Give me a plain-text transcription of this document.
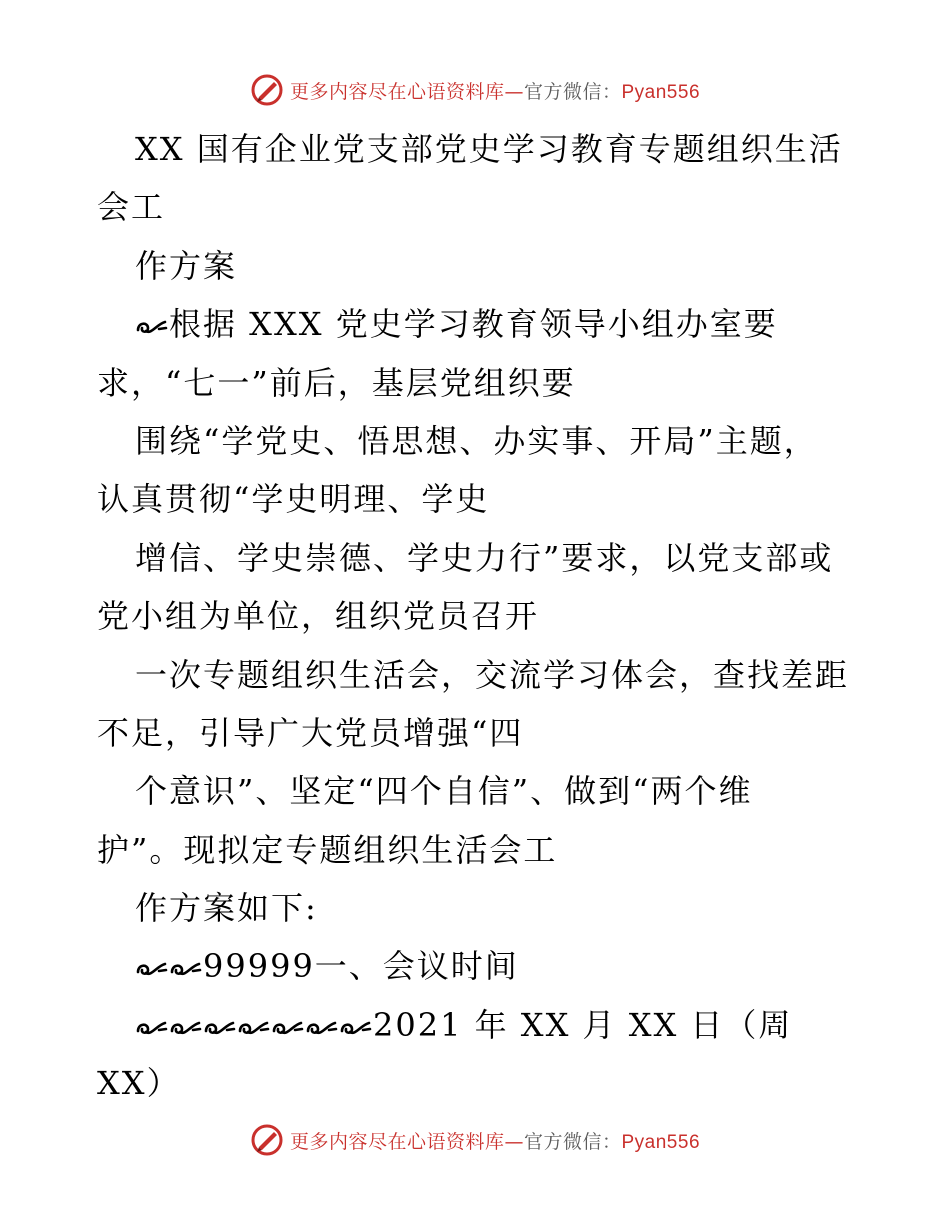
更多内容尽在心语资料库—官方微信：Pyan556
XX 国有企业党支部党史学习教育专题组织生活
会工
作方案
根据 XXX 党史学习教育领导小组办室要
求，“七一”前后，基层党组织要
围绕“学党史、悟思想、办实事、开局”主题，
认真贯彻“学史明理、学史
增信、学史崇德、学史力行”要求，以党支部或
党小组为单位，组织党员召开
一次专题组织生活会，交流学习体会，查找差距
不足，引导广大党员增强“四
个意识”、坚定“四个自信”、做到“两个维
护”。现拟定专题组织生活会工
作方案如下:
99999一、会议时间
2021 年 XX 月 XX 日（周
XX）
更多内容尽在心语资料库—官方微信：Pyan556
